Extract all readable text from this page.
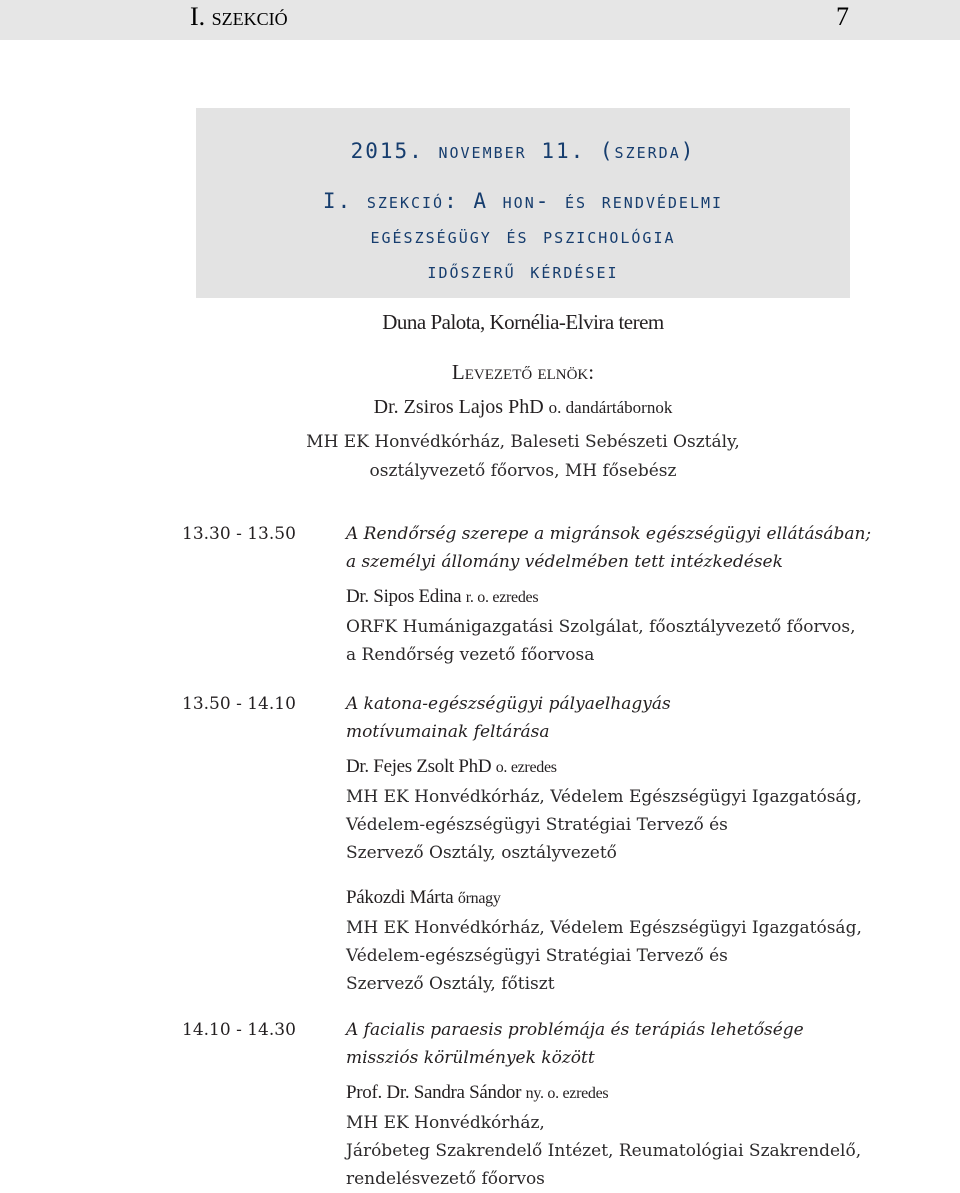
I. szekció	7

2015. november 11. (szerda)

I. szekció: A hon- és rendvédelmi

egészségügy és pszichológia

időszerű kérdései

Duna Palota, Kornélia-Elvira terem
Levezető elnök:
Dr. Zsiros Lajos PhD o. dandártábornok
MH EK Honvédkórház, Baleseti Sebészeti Osztály,
osztályvezető főorvos, MH fősebész
13.30 - 13.50	A Rendőrség szerepe a migránsok egészségügyi ellátásában;

a személyi állomány védelmében tett intézkedések

Dr. Sipos Edina r. o. ezredes

ORFK Humánigazgatási Szolgálat, főosztályvezető főorvos,

a Rendőrség vezető főorvosa

13.50 - 14.10	A katona-egészségügyi pályaelhagyás

motívumainak feltárása

Dr. Fejes Zsolt PhD o. ezredes

MH EK Honvédkórház, Védelem Egészségügyi Igazgatóság,

Védelem-egészségügyi Stratégiai Tervező és

Szervező Osztály, osztályvezető

Pákozdi Márta őrnagy

MH EK Honvédkórház, Védelem Egészségügyi Igazgatóság,

Védelem-egészségügyi Stratégiai Tervező és

Szervező Osztály, főtiszt

14.10 - 14.30	A facialis paraesis problémája és terápiás lehetősége

missziós körülmények között

Prof. Dr. Sandra Sándor ny. o. ezredes

MH EK Honvédkórház,

Járóbeteg Szakrendelő Intézet, Reumatológiai Szakrendelő,

rendelésvezető főorvos
